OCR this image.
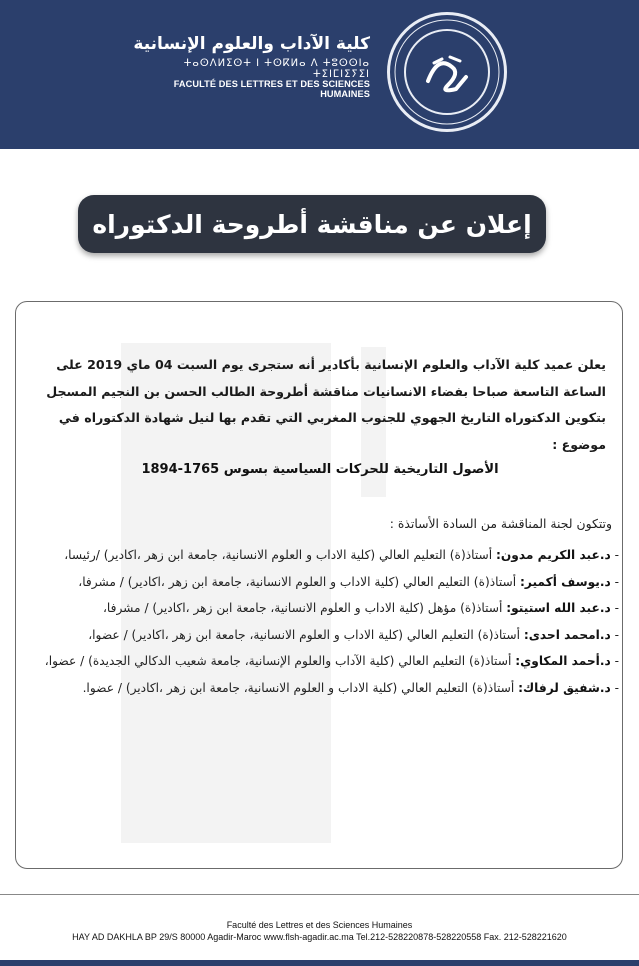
كلية الآداب والعلوم الإنسانية
ⵜⴰⵙⴷⵍⵉⵙⵜ ⵏ ⵜⵙⴽⵍⴰ ⴷ ⵜⵓⵙⵙⵏⴰ ⵜⵉⵏⵎⵏⵉⵢⵉⵏ
FACULTÉ DES LETTRES ET DES SCIENCES HUMAINES
إعلان عن مناقشة أطروحة الدكتوراه

يعلن عميد كلية الآداب والعلوم الإنسانية بأكادير أنه ستجرى يوم السبت 04 ماي 2019 على الساعة التاسعة صباحا بفضاء الانسانيات مناقشة أطروحة الطالب الحسن بن النجيم المسجل بتكوين الدكتوراه التاريخ الجهوي للجنوب المغربي التي تقدم بها لنيل شهادة الدكتوراه في موضوع :

الأصول التاريخية للحركات السياسية بسوس 1765-1894

وتتكون لجنة المناقشة من السادة الأساتذة :

- د.عبد الكريم مدون: أستاذ(ة) التعليم العالي (كلية الاداب و العلوم الانسانية، جامعة ابن زهر ،اكادير) /رئيسا،
- د.يوسف أكمير: أستاذ(ة) التعليم العالي (كلية الاداب و العلوم الانسانية، جامعة ابن زهر ،اكادير) / مشرفا،
- د.عبد الله استيتو: أستاذ(ة) مؤهل (كلية الاداب و العلوم الانسانية، جامعة ابن زهر ،اكادير) / مشرفا،
- د.امحمد احدى: أستاذ(ة) التعليم العالي (كلية الاداب و العلوم الانسانية، جامعة ابن زهر ،اكادير) / عضوا،
- د.أحمد المكاوي: أستاذ(ة) التعليم العالي (كلية الآداب والعلوم الإنسانية، جامعة شعيب الدكالي الجديدة) / عضوا،
- د.شفيق لرفاك: أستاذ(ة) التعليم العالي (كلية الاداب و العلوم الانسانية، جامعة ابن زهر ،اكادير) / عضوا.
Faculté des Lettres et des Sciences Humaines
HAY AD DAKHLA BP 29/S 80000 Agadir-Maroc www.flsh-agadir.ac.ma Tel.212-528220878-528220558 Fax. 212-528221620
